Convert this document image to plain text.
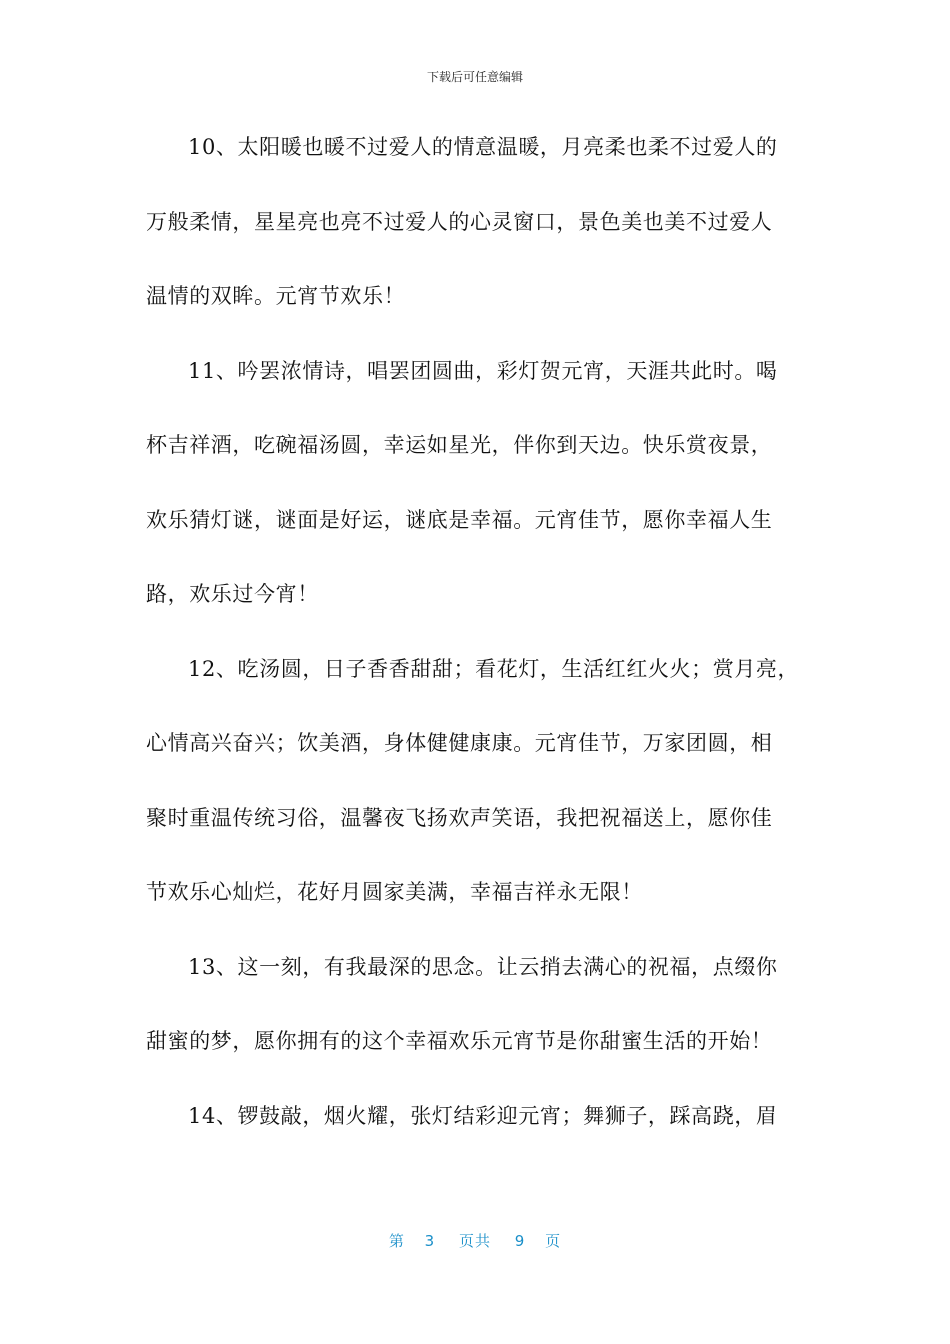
下载后可任意编辑
10、太阳暖也暖不过爱人的情意温暖，月亮柔也柔不过爱人的
万般柔情，星星亮也亮不过爱人的心灵窗口，景色美也美不过爱人
温情的双眸。元宵节欢乐！
11、吟罢浓情诗，唱罢团圆曲，彩灯贺元宵，天涯共此时。喝
杯吉祥酒，吃碗福汤圆，幸运如星光，伴你到天边。快乐赏夜景，
欢乐猜灯谜，谜面是好运，谜底是幸福。元宵佳节，愿你幸福人生
路，欢乐过今宵！
12、吃汤圆，日子香香甜甜；看花灯，生活红红火火；赏月亮，
心情高兴奋兴；饮美酒，身体健健康康。元宵佳节，万家团圆，相
聚时重温传统习俗，温馨夜飞扬欢声笑语，我把祝福送上，愿你佳
节欢乐心灿烂，花好月圆家美满，幸福吉祥永无限！
13、这一刻，有我最深的思念。让云捎去满心的祝福，点缀你
甜蜜的梦，愿你拥有的这个幸福欢乐元宵节是你甜蜜生活的开始！
14、锣鼓敲，烟火耀，张灯结彩迎元宵；舞狮子，踩高跷，眉
第 3 页共 9 页
